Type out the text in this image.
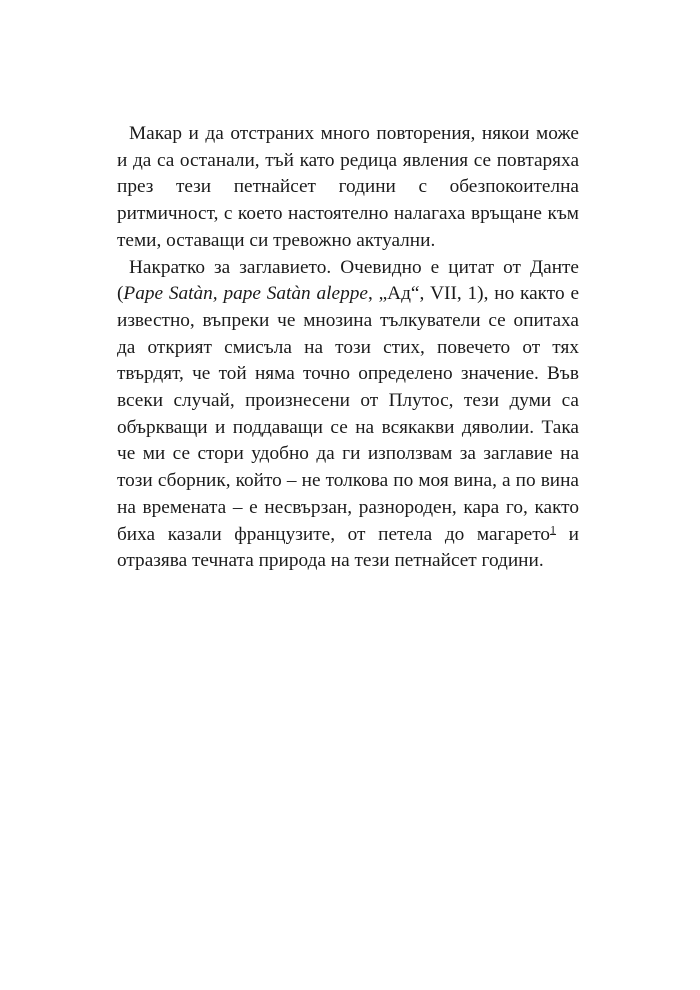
Макар и да отстраних много повторения, някои може и да са останали, тъй като редица явления се повтаряха през тези петнайсет години с обезпокоителна ритмичност, с което настоятелно налагаха връщане към теми, оставащи си тревожно актуални.

Накратко за заглавието. Очевидно е цитат от Данте (Pape Satàn, pape Satàn aleppe, „Ад“, VII, 1), но както е известно, въпреки че мнозина тълкуватели се опитаха да открият смисъла на този стих, повечето от тях твърдят, че той няма точно определено значение. Във всеки случай, произнесени от Плутос, тези думи са объркващи и поддаващи се на всякакви дяволии. Така че ми се стори удобно да ги използвам за заглавие на този сборник, който – не толкова по моя вина, а по вина на времената – е несвързан, разнороден, кара го, както биха казали французите, от петела до магарето$^1$ и отразява течната природа на тези петнайсет години.
